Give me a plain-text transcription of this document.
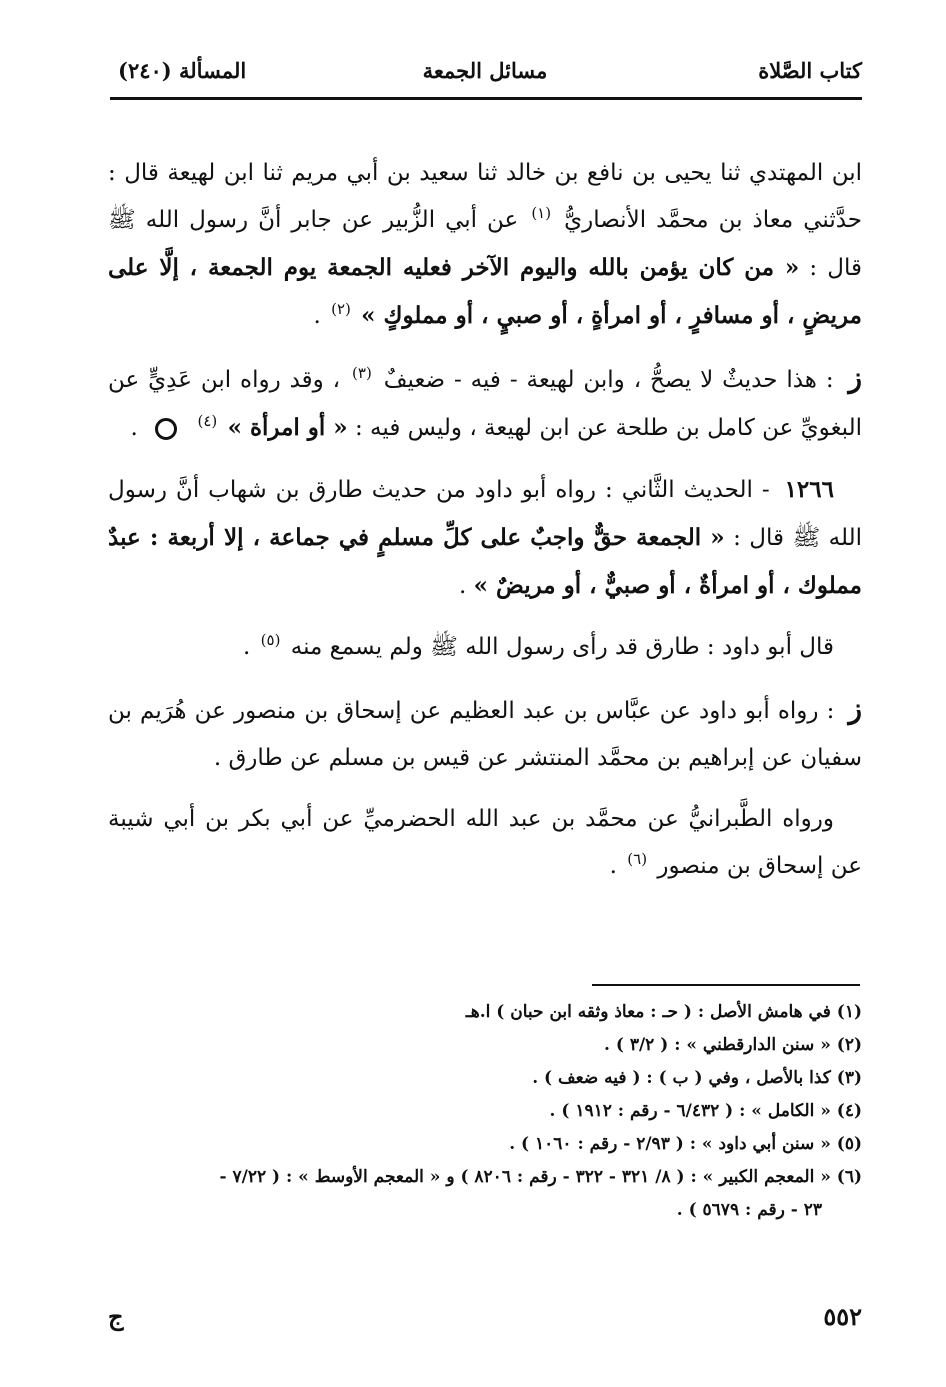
كتاب الصَّلاة
مسائل الجمعة
المسألة (٢٤٠)

ابن المهتدي ثنا يحيى بن نافع بن خالد ثنا سعيد بن أبي مريم ثنا ابن لهيعة قال : حدَّثني معاذ بن محمَّد الأنصاريُّ $^{(١)}$ عن أبي الزُّبير عن جابر أنَّ رسول الله ﷺ قال : « من كان يؤمن بالله واليوم الآخر فعليه الجمعة يوم الجمعة ، إلَّا على مريضٍ ، أو مسافرٍ ، أو امرأةٍ ، أو صبيٍ ، أو مملوكٍ » $^{(٢)}$ .

ز : هذا حديثٌ لا يصحُّ ، وابن لهيعة - فيه - ضعيفٌ $^{(٣)}$ ، وقد رواه ابن عَدِيٍّ عن البغويِّ عن كامل بن طلحة عن ابن لهيعة ، وليس فيه : « أو امرأة » $^{(٤)}$  .

١٢٦٦ - الحديث الثَّاني : رواه أبو داود من حديث طارق بن شهاب أنَّ رسول الله ﷺ قال : « الجمعة حقٌّ واجبٌ على كلِّ مسلمٍ في جماعة ، إلا أربعة : عبدٌ مملوك ، أو امرأةٌ ، أو صبيٌّ ، أو مريضٌ » .

قال أبو داود : طارق قد رأى رسول الله ﷺ ولم يسمع منه $^{(٥)}$ .

ز : رواه أبو داود عن عبَّاس بن عبد العظيم عن إسحاق بن منصور عن هُرَيم بن سفيان عن إبراهيم بن محمَّد المنتشر عن قيس بن مسلم عن طارق .

ورواه الطَّبرانيُّ عن محمَّد بن عبد الله الحضرميِّ عن أبي بكر بن أبي شيبة عن إسحاق بن منصور $^{(٦)}$ .

(١) في هامش الأصل : ( حـ : معاذ وثقه ابن حبان ) ا.هـ

(٢) « سنن الدارقطني » : ( ٣/٢ ) .

(٣) كذا بالأصل ، وفي ( ب ) : ( فيه ضعف ) .

(٤) « الكامل » : ( ٦/٤٣٢ - رقم : ١٩١٢ ) .

(٥) « سنن أبي داود » : ( ٢/٩٣ - رقم : ١٠٦٠ ) .

(٦) « المعجم الكبير » : ( ٨/ ٣٢١ - ٣٢٢ - رقم : ٨٢٠٦ ) و « المعجم الأوسط » : ( ٧/٢٢ -

٢٣ - رقم : ٥٦٧٩ ) .

٥٥٢
ج
